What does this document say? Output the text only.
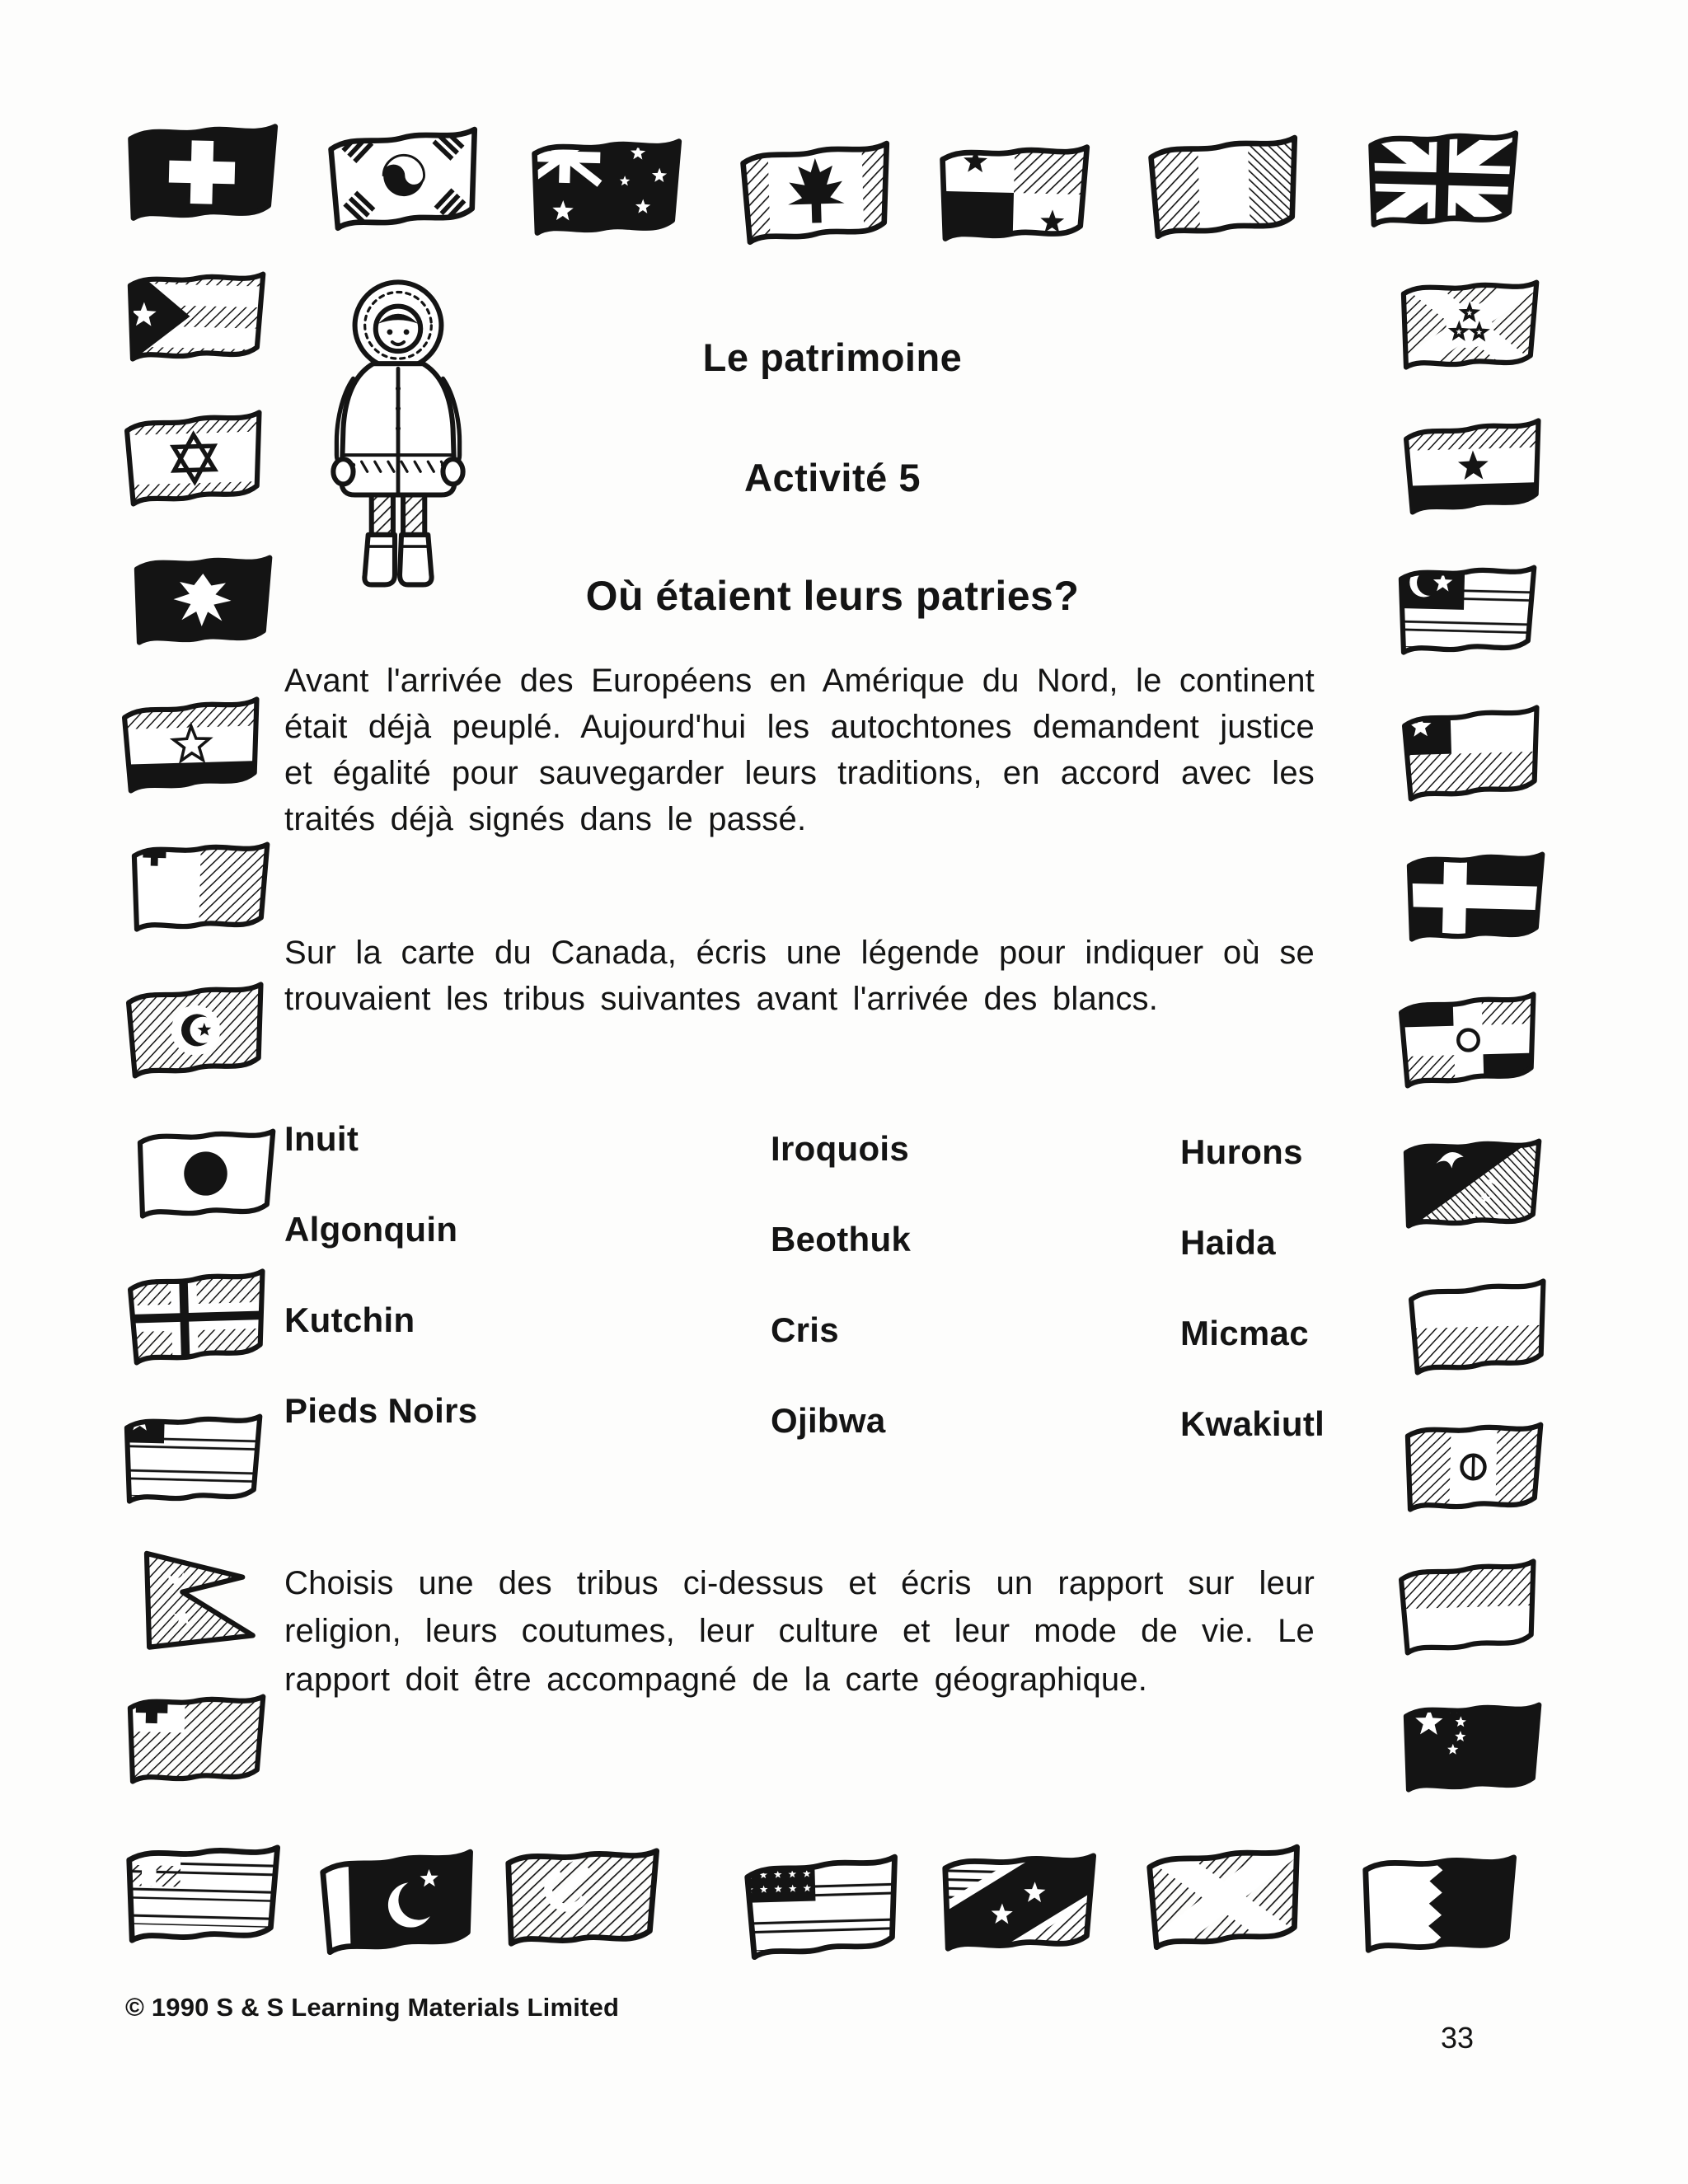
Le patrimoine
Activité 5
Où étaient leurs patries?
Avant l'arrivée des Européens en Amérique du Nord, le continent était déjà peuplé. Aujourd'hui les autochtones demandent justice et égalité pour sauvegarder leurs traditions, en accord avec les traités déjà signés dans le passé.
Sur la carte du Canada, écris une légende pour indiquer où se trouvaient les tribus suivantes avant l'arrivée des blancs.
Inuit
Algonquin
Kutchin
Pieds Noirs
Iroquois
Beothuk
Cris
Ojibwa
Hurons
Haida
Micmac
Kwakiutl
Choisis une des tribus ci-dessus et écris un rapport sur leur religion, leurs coutumes, leur culture et leur mode de vie. Le rapport doit être accompagné de la carte géographique.
© 1990 S & S Learning Materials Limited
33
